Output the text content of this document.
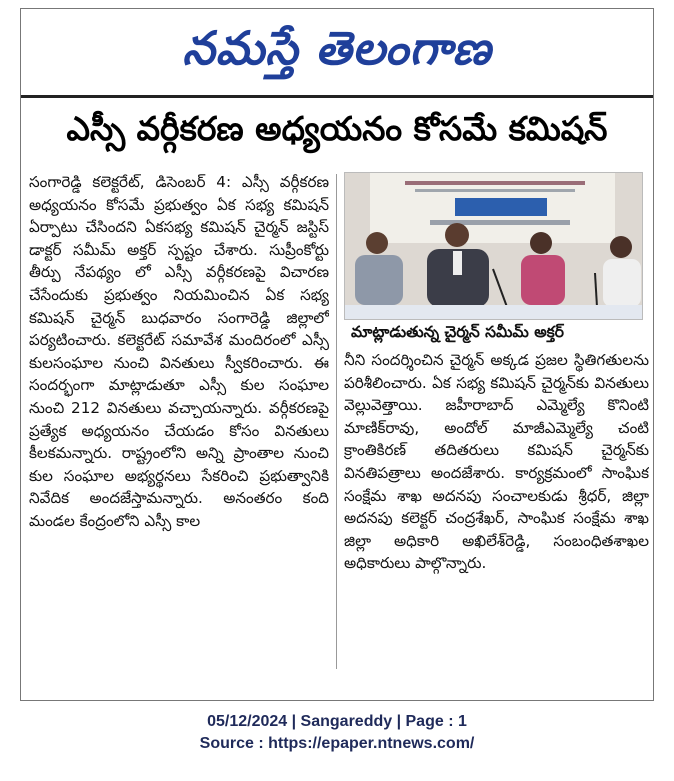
నమస్తే తెలంగాణ
ఎస్సీ వర్గీకరణ అధ్యయనం కోసమే కమిషన్

సంగారెడ్డి కలెక్టరేట్, డిసెంబర్ 4: ఎస్సీ వర్గీకరణ అధ్యయనం కోసమే ప్రభుత్వం ఏక సభ్య కమిషన్ ఏర్పాటు చేసిందని ఏకసభ్య కమిషన్ చైర్మన్ జస్టిస్ డాక్టర్ సమీమ్ అక్తర్ స్పష్టం చేశారు. సుప్రీంకోర్టు తీర్పు నేపథ్యం లో ఎస్సీ వర్గీకరణపై విచారణ చేసేందుకు ప్రభుత్వం నియమించిన ఏక సభ్య కమిషన్ చైర్మన్ బుధవారం సంగారెడ్డి జిల్లాలో పర్యటించారు. కలెక్టరేట్ సమావేశ మందిరంలో ఎస్సీ కులసంఘాల నుంచి వినతులు స్వీకరించారు. ఈ సందర్భంగా మాట్లాడుతూ ఎస్సీ కుల సంఘాల నుంచి 212 వినతులు వచ్చాయన్నారు. వర్గీకరణపై ప్రత్యేక అధ్యయనం చేయడం కోసం వినతులు కీలకమన్నారు. రాష్ట్రంలోని అన్ని ప్రాంతాల నుంచి కుల సంఘాల అభ్యర్థనలు సేకరించి ప్రభుత్వానికి నివేదిక అందజేస్తామన్నారు. అనంతరం కంది మండల కేంద్రంలోని ఎస్సీ కాల

మాట్లాడుతున్న చైర్మన్ సమీమ్ అక్తర్

నీని సందర్శించిన చైర్మన్ అక్కడ ప్రజల స్థితిగతులను పరిశీలించారు. ఏక సభ్య కమిషన్ చైర్మన్‌కు వినతులు వెల్లువెత్తాయి. జహీరాబాద్ ఎమ్మెల్యే కొనింటి మాణిక్‌రావు, అందోల్ మాజీఎమ్మెల్యే చంటి క్రాంతికిరణ్ తదితరులు కమిషన్ చైర్మన్‌కు వినతిపత్రాలు అందజేశారు. కార్యక్రమంలో సాంఘిక సంక్షేమ శాఖ అదనపు సంచాలకుడు శ్రీధర్, జిల్లా అదనపు కలెక్టర్ చంద్రశేఖర్, సాంఘిక సంక్షేమ శాఖ జిల్లా అధికారి అఖిలేశ్‌రెడ్డి, సంబంధితశాఖల అధికారులు పాల్గొన్నారు.

05/12/2024 | Sangareddy | Page : 1
Source : https://epaper.ntnews.com/
